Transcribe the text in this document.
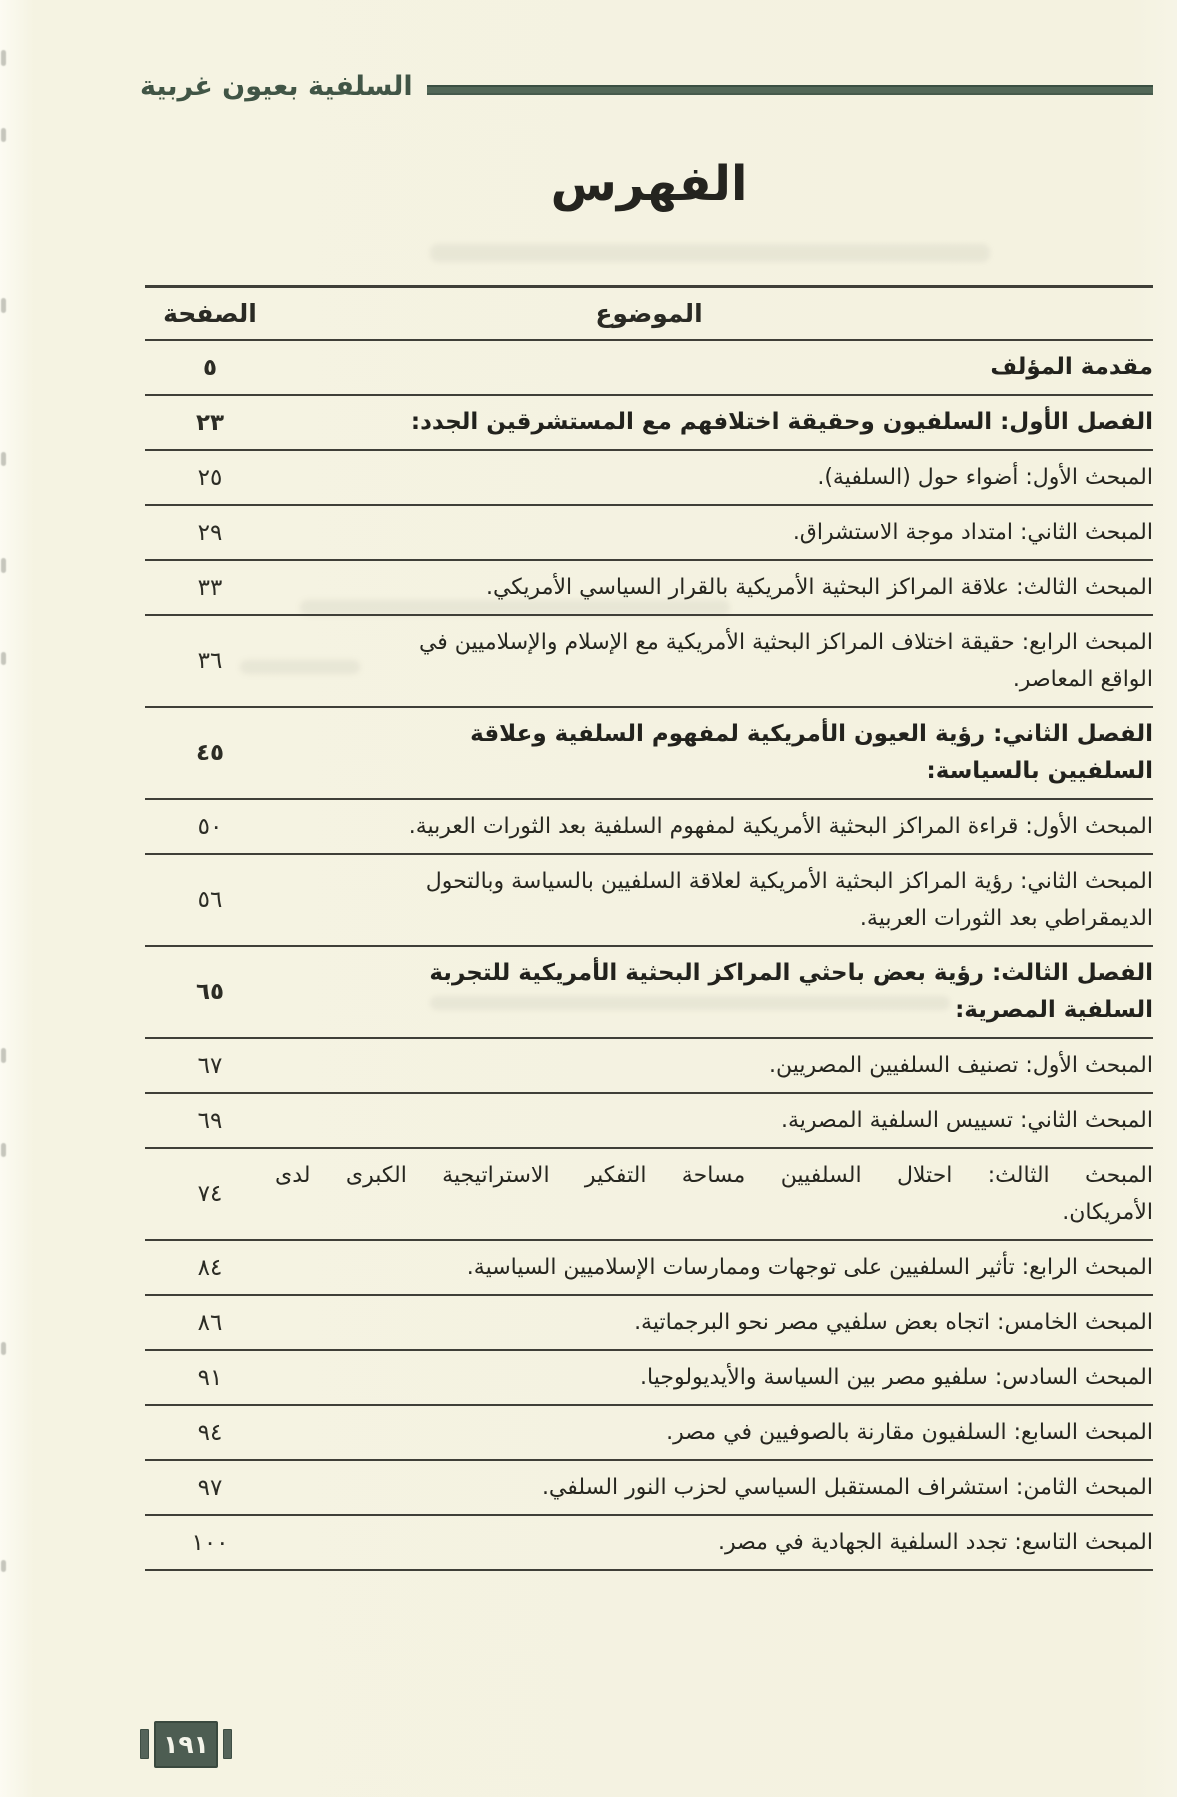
السلفية بعيون غربية
الفهرس
الموضوع
الصفحة
مقدمة المؤلف
٥
الفصل الأول: السلفيون وحقيقة اختلافهم مع المستشرقين الجدد:
٢٣
المبحث الأول: أضواء حول (السلفية).
٢٥
المبحث الثاني: امتداد موجة الاستشراق.
٢٩
المبحث الثالث: علاقة المراكز البحثية الأمريكية بالقرار السياسي الأمريكي.
٣٣
المبحث الرابع: حقيقة اختلاف المراكز البحثية الأمريكية مع الإسلام والإسلاميين في
الواقع المعاصر.
٣٦
الفصل الثاني: رؤية العيون الأمريكية لمفهوم السلفية وعلاقة
السلفيين بالسياسة:
٤٥
المبحث الأول: قراءة المراكز البحثية الأمريكية لمفهوم السلفية بعد الثورات العربية.
٥٠
المبحث الثاني: رؤية المراكز البحثية الأمريكية لعلاقة السلفيين بالسياسة وبالتحول
الديمقراطي بعد الثورات العربية.
٥٦
الفصل الثالث: رؤية بعض باحثي المراكز البحثية الأمريكية للتجربة
السلفية المصرية:
٦٥
المبحث الأول: تصنيف السلفيين المصريين.
٦٧
المبحث الثاني: تسييس السلفية المصرية.
٦٩
المبحث الثالث: احتلال السلفيين مساحة التفكير الاستراتيجية الكبرى لدى
الأمريكان.
٧٤
المبحث الرابع: تأثير السلفيين على توجهات وممارسات الإسلاميين السياسية.
٨٤
المبحث الخامس: اتجاه بعض سلفيي مصر نحو البرجماتية.
٨٦
المبحث السادس: سلفيو مصر بين السياسة والأيديولوجيا.
٩١
المبحث السابع: السلفيون مقارنة بالصوفيين في مصر.
٩٤
المبحث الثامن: استشراف المستقبل السياسي لحزب النور السلفي.
٩٧
المبحث التاسع: تجدد السلفية الجهادية في مصر.
١٠٠
١٩١
